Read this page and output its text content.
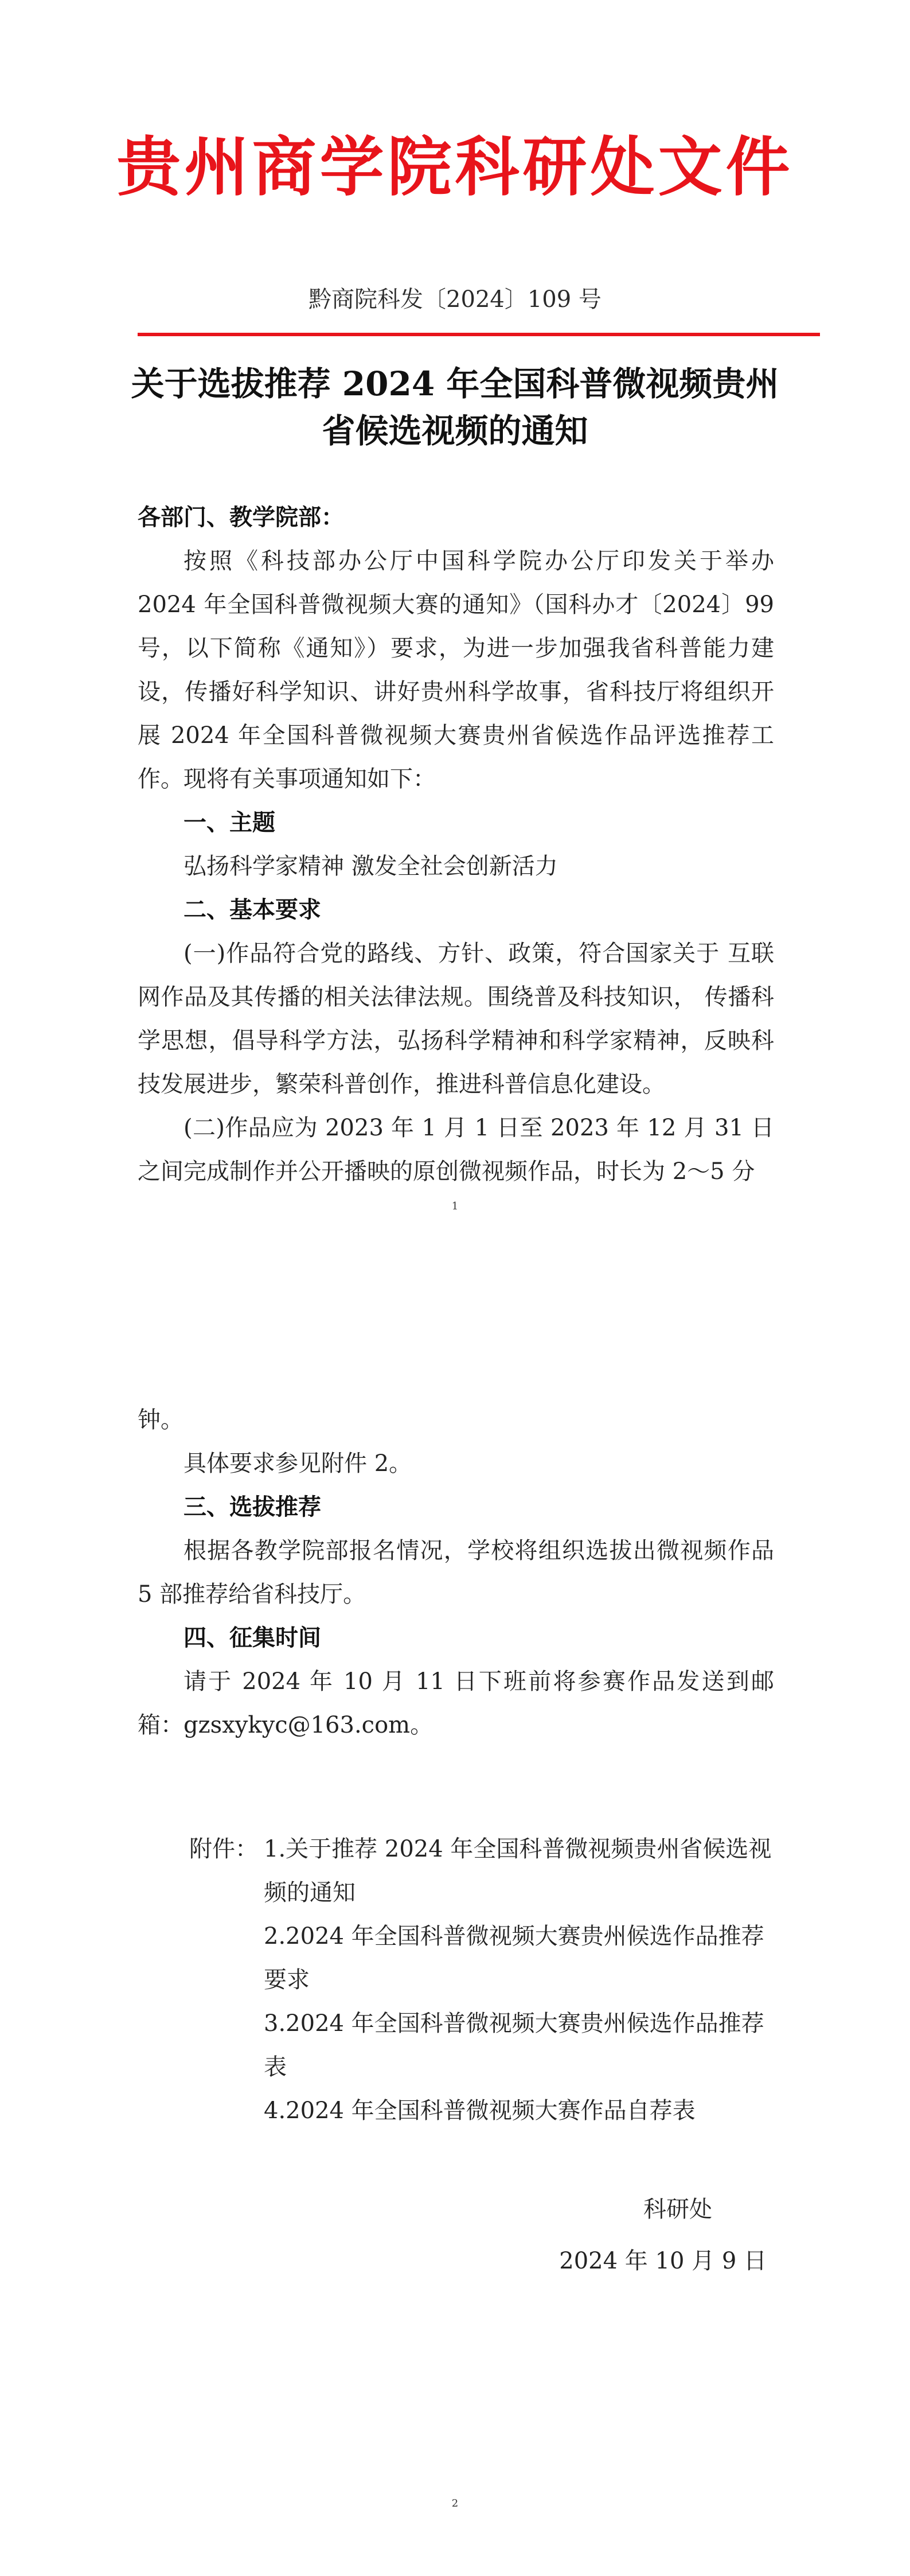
贵州商学院科研处文件
黔商院科发〔2024〕109 号
关于选拔推荐 2024 年全国科普微视频贵州
省候选视频的通知

各部门、教学院部：

按照《科技部办公厅中国科学院办公厅印发关于举办 2024 年全国科普微视频大赛的通知》（国科办才〔2024〕99 号，以下简称《通知》）要求，为进一步加强我省科普能力建设，传播好科学知识、讲好贵州科学故事，省科技厅将组织开展 2024 年全国科普微视频大赛贵州省候选作品评选推荐工作。现将有关事项通知如下：

一、主题

弘扬科学家精神 激发全社会创新活力

二、基本要求

(一)作品符合党的路线、方针、政策，符合国家关于 互联网作品及其传播的相关法律法规。围绕普及科技知识， 传播科学思想，倡导科学方法，弘扬科学精神和科学家精神，反映科技发展进步，繁荣科普创作，推进科普信息化建设。

(二)作品应为 2023 年 1 月 1 日至 2023 年 12 月 31 日 之间完成制作并公开播映的原创微视频作品，时长为 2～5 分

1

钟。

具体要求参见附件 2。

三、选拔推荐

根据各教学院部报名情况，学校将组织选拔出微视频作品 5 部推荐给省科技厅。

四、征集时间

请于 2024 年 10 月 11 日下班前将参赛作品发送到邮箱：gzsxykyc@163.com。

附件： 1.关于推荐 2024 年全国科普微视频贵州省候选视频的通知
2.2024 年全国科普微视频大赛贵州候选作品推荐要求
3.2024 年全国科普微视频大赛贵州候选作品推荐表
4.2024 年全国科普微视频大赛作品自荐表
科研处
2024 年 10 月 9 日
2
